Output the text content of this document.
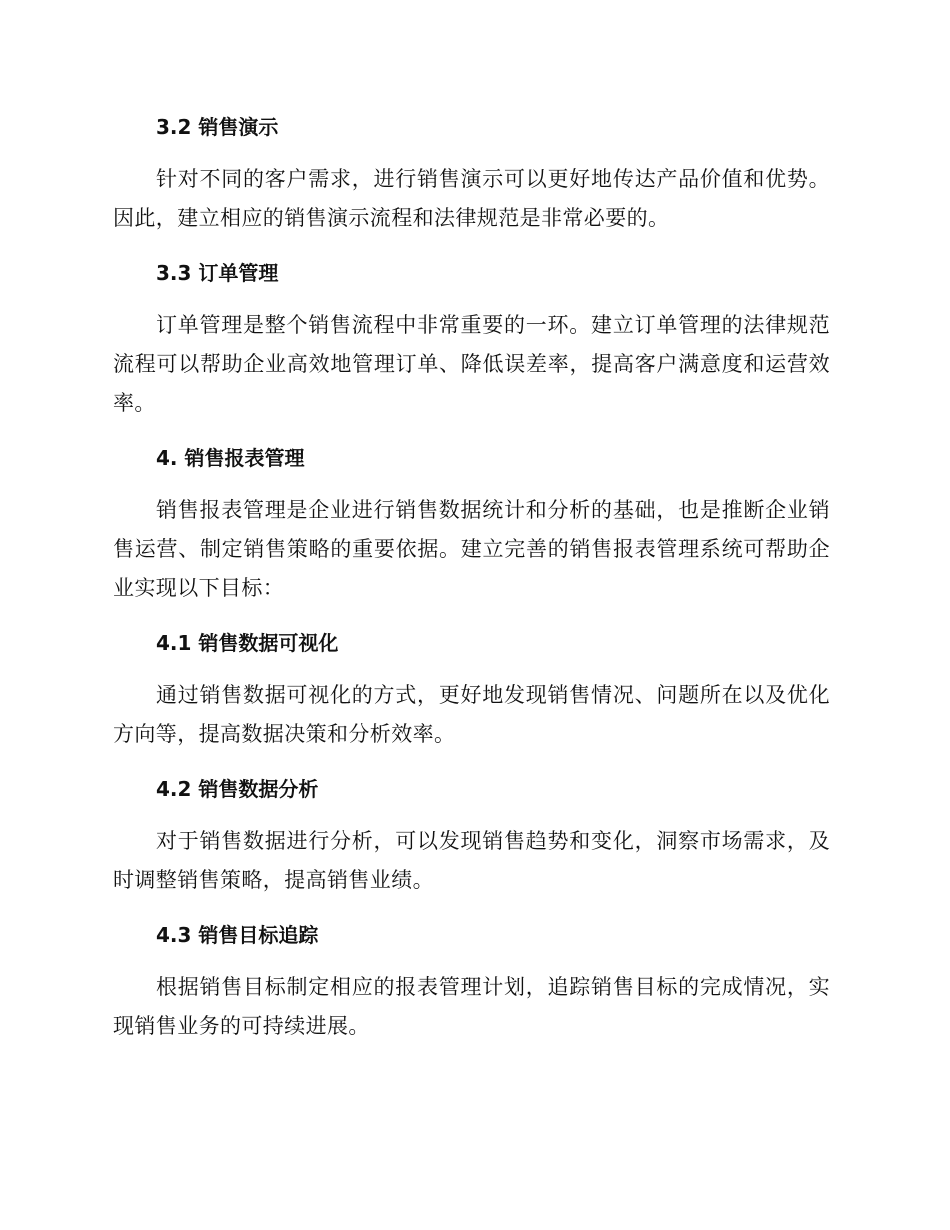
3.2 销售演示

针对不同的客户需求，进行销售演示可以更好地传达产品价值和优势。因此，建立相应的销售演示流程和法律规范是非常必要的。

3.3 订单管理

订单管理是整个销售流程中非常重要的一环。建立订单管理的法律规范流程可以帮助企业高效地管理订单、降低误差率，提高客户满意度和运营效率。

4. 销售报表管理

销售报表管理是企业进行销售数据统计和分析的基础，也是推断企业销售运营、制定销售策略的重要依据。建立完善的销售报表管理系统可帮助企业实现以下目标：

4.1 销售数据可视化

通过销售数据可视化的方式，更好地发现销售情况、问题所在以及优化方向等，提高数据决策和分析效率。

4.2 销售数据分析

对于销售数据进行分析，可以发现销售趋势和变化，洞察市场需求，及时调整销售策略，提高销售业绩。

4.3 销售目标追踪

根据销售目标制定相应的报表管理计划，追踪销售目标的完成情况，实现销售业务的可持续进展。
